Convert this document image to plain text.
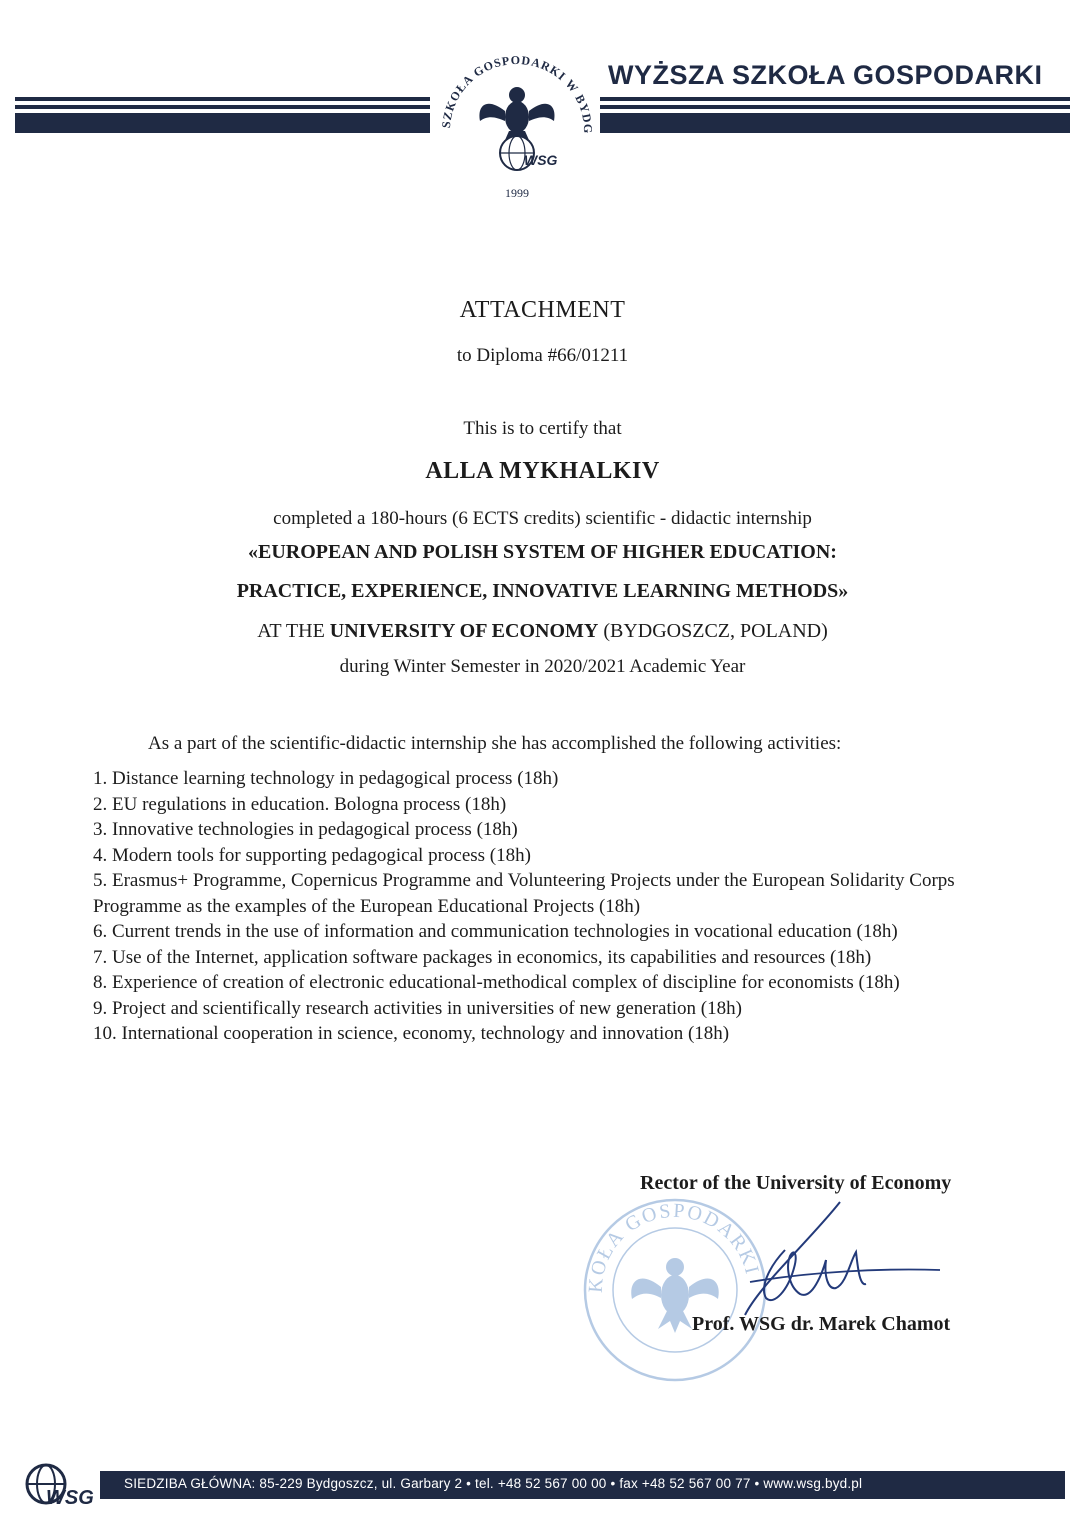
WYŻSZA SZKOŁA GOSPODARKI
SZKOŁA GOSPODARKI W BYDG
WSG
1999
ATTACHMENT
to Diploma #66/01211
This is to certify that
ALLA MYKHALKIV
completed a 180-hours (6 ECTS credits) scientific - didactic internship
«EUROPEAN AND POLISH SYSTEM OF HIGHER EDUCATION:
PRACTICE, EXPERIENCE, INNOVATIVE LEARNING METHODS»
AT THE UNIVERSITY OF ECONOMY (BYDGOSZCZ, POLAND)
during Winter Semester in 2020/2021 Academic Year
As a part of the scientific-didactic internship she has accomplished the following activities:
1. Distance learning technology in pedagogical process (18h)
2. EU regulations in education. Bologna process (18h)
3. Innovative technologies in pedagogical process (18h)
4. Modern tools for supporting pedagogical process (18h)
5. Erasmus+ Programme, Copernicus Programme and Volunteering Projects under the European Solidarity Corps Programme as the examples of the European Educational Projects (18h)
6. Current trends in the use of information and communication technologies in vocational education (18h)
7. Use of the Internet, application software packages in economics, its capabilities and resources (18h)
8. Experience of creation of electronic educational-methodical complex of discipline for economists (18h)
9. Project and scientifically research activities in universities of new generation (18h)
10. International cooperation in science, economy, technology and innovation (18h)
KOŁA GOSPODARKI
Rector of the University of Economy
Prof. WSG dr. Marek Chamot
WSG
SIEDZIBA GŁÓWNA: 85-229 Bydgoszcz, ul. Garbary 2 • tel. +48 52 567 00 00 • fax +48 52 567 00 77 • www.wsg.byd.pl
